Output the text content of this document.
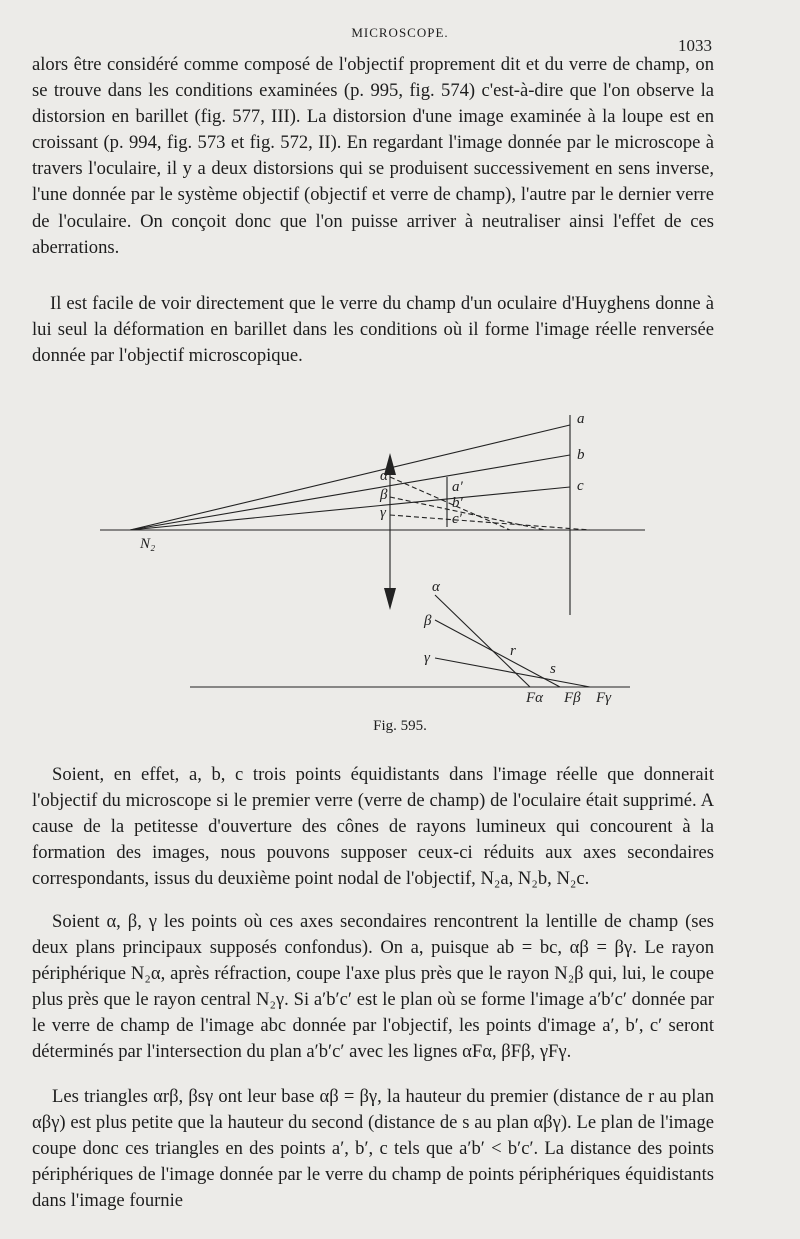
MICROSCOPE.
1033

alors être considéré comme composé de l'objectif proprement dit et du verre de champ, on se trouve dans les conditions examinées (p. 995, fig. 574) c'est-à-dire que l'on observe la distorsion en barillet (fig. 577, III). La distorsion d'une image examinée à la loupe est en croissant (p. 994, fig. 573 et fig. 572, II). En regardant l'image donnée par le microscope à travers l'oculaire, il y a deux distorsions qui se produisent successivement en sens inverse, l'une donnée par le système objectif (objectif et verre de champ), l'autre par le dernier verre de l'oculaire. On conçoit donc que l'on puisse arriver à neutraliser ainsi l'effet de ces aberrations.

Il est facile de voir directement que le verre du champ d'un oculaire d'Huyghens donne à lui seul la déformation en barillet dans les conditions où il forme l'image réelle renversée donnée par l'objectif microscopique.

N₂
α
β
γ
a
b
c
a′
b′
c′
α
β
γ	r
s
Fα Fβ Fγ
Fig. 595.

Soient, en effet, a, b, c trois points équidistants dans l'image réelle que donnerait l'objectif du microscope si le premier verre (verre de champ) de l'oculaire était supprimé. A cause de la petitesse d'ouverture des cônes de rayons lumineux qui concourent à la formation des images, nous pouvons supposer ceux-ci réduits aux axes secondaires correspondants, issus du deuxième point nodal de l'objectif, N₂a, N₂b, N₂c.

Soient α, β, γ les points où ces axes secondaires rencontrent la lentille de champ (ses deux plans principaux supposés confondus). On a, puisque ab = bc, αβ = βγ. Le rayon périphérique N₂α, après réfraction, coupe l'axe plus près que le rayon N₂β qui, lui, le coupe plus près que le rayon central N₂γ. Si a′b′c′ est le plan où se forme l'image a′b′c′ donnée par le verre de champ de l'image abc donnée par l'objectif, les points d'image a′, b′, c′ seront déterminés par l'intersection du plan a′b′c′ avec les lignes αFα, βFβ, γFγ.

Les triangles αrβ, βsγ ont leur base αβ = βγ, la hauteur du premier (distance de r au plan αβγ) est plus petite que la hauteur du second (distance de s au plan αβγ). Le plan de l'image coupe donc ces triangles en des points a′, b′, c tels que a′b′ < b′c′. La distance des points périphériques de l'image donnée par le verre du champ de points périphériques équidistants dans l'image fournie
